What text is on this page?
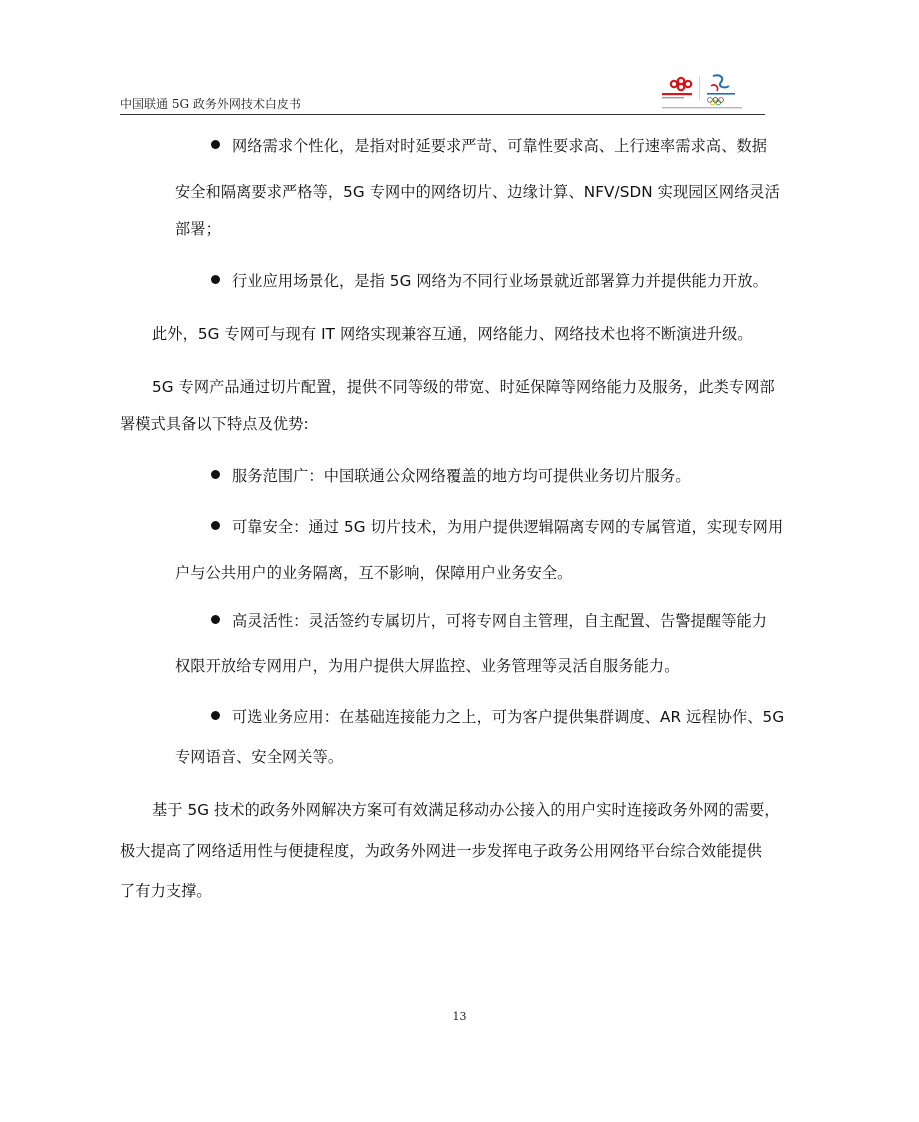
中国联通 5G 政务外网技术白皮书
网络需求个性化，是指对时延要求严苛、可靠性要求高、上行速率需求高、数据
安全和隔离要求严格等，5G 专网中的网络切片、边缘计算、NFV/SDN 实现园区网络灵活
部署；
行业应用场景化，是指 5G 网络为不同行业场景就近部署算力并提供能力开放。
此外，5G 专网可与现有 IT 网络实现兼容互通，网络能力、网络技术也将不断演进升级。
5G 专网产品通过切片配置，提供不同等级的带宽、时延保障等网络能力及服务，此类专网部
署模式具备以下特点及优势:
服务范围广：中国联通公众网络覆盖的地方均可提供业务切片服务。
可靠安全：通过 5G 切片技术，为用户提供逻辑隔离专网的专属管道，实现专网用
户与公共用户的业务隔离，互不影响，保障用户业务安全。
高灵活性：灵活签约专属切片，可将专网自主管理，自主配置、告警提醒等能力
权限开放给专网用户，为用户提供大屏监控、业务管理等灵活自服务能力。
可选业务应用：在基础连接能力之上，可为客户提供集群调度、AR 远程协作、5G
专网语音、安全网关等。
基于 5G 技术的政务外网解决方案可有效满足移动办公接入的用户实时连接政务外网的需要，
极大提高了网络适用性与便捷程度，为政务外网进一步发挥电子政务公用网络平台综合效能提供
了有力支撑。
13
